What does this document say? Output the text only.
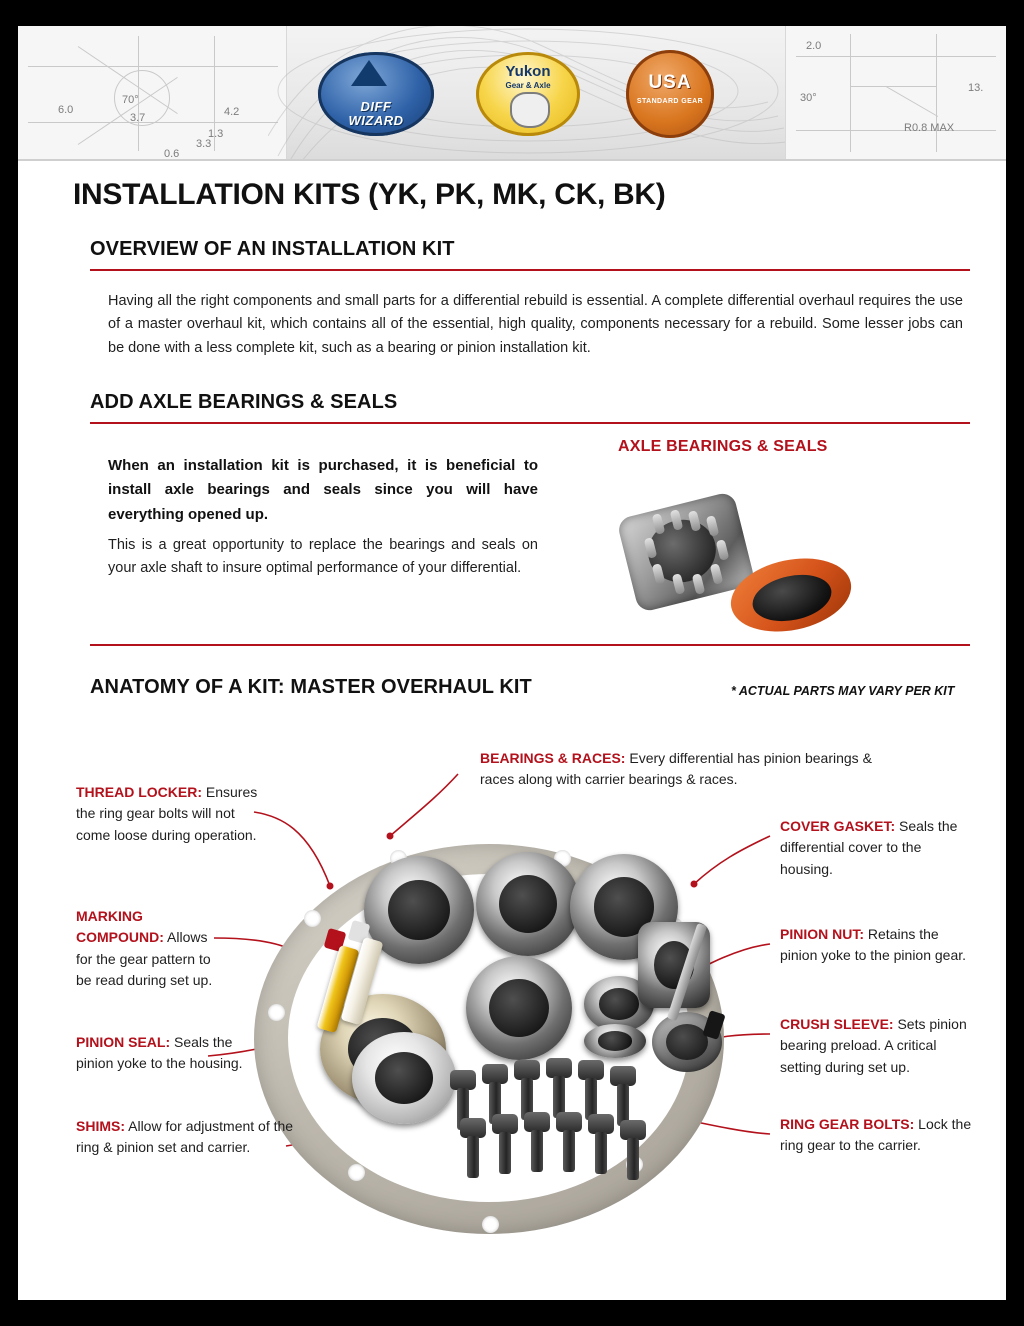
6.0
70°
3.7	4.2
1.3
3.3
0.6
DIFF
WIZARD
Yukon
Gear & Axle	USA
STANDARD GEAR
2.0
13.
30°
R0.8 MAX
INSTALLATION KITS (YK, PK, MK, CK, BK)
OVERVIEW OF AN INSTALLATION KIT
Having all the right components and small parts for a differential rebuild is essential. A complete differential overhaul requires the use of a master overhaul kit, which contains all of the essential, high quality, components necessary for a rebuild. Some lesser jobs can be done with a less complete kit, such as a bearing or pinion installation kit.
ADD AXLE BEARINGS & SEALS
When an installation kit is purchased, it is beneficial to install axle bearings and seals since you will have everything opened up.
This is a great opportunity to replace the bearings and seals on your axle shaft to insure optimal performance of your differential.
AXLE BEARINGS & SEALS
ANATOMY OF A KIT: MASTER OVERHAUL KIT	* ACTUAL PARTS MAY VARY PER KIT
BEARINGS & RACES: Every differential has pinion bearings & races along with carrier bearings & races.
THREAD LOCKER: Ensures the ring gear bolts will not come loose during operation.
MARKING COMPOUND: Allows for the gear pattern to be read during set up.
PINION SEAL: Seals the pinion yoke to the housing.
SHIMS: Allow for adjustment of the ring & pinion set and carrier.
COVER GASKET: Seals the differential cover to the housing.
PINION NUT: Retains the pinion yoke to the pinion gear.
CRUSH SLEEVE: Sets pinion bearing preload. A critical setting during set up.
RING GEAR BOLTS: Lock the ring gear to the carrier.
